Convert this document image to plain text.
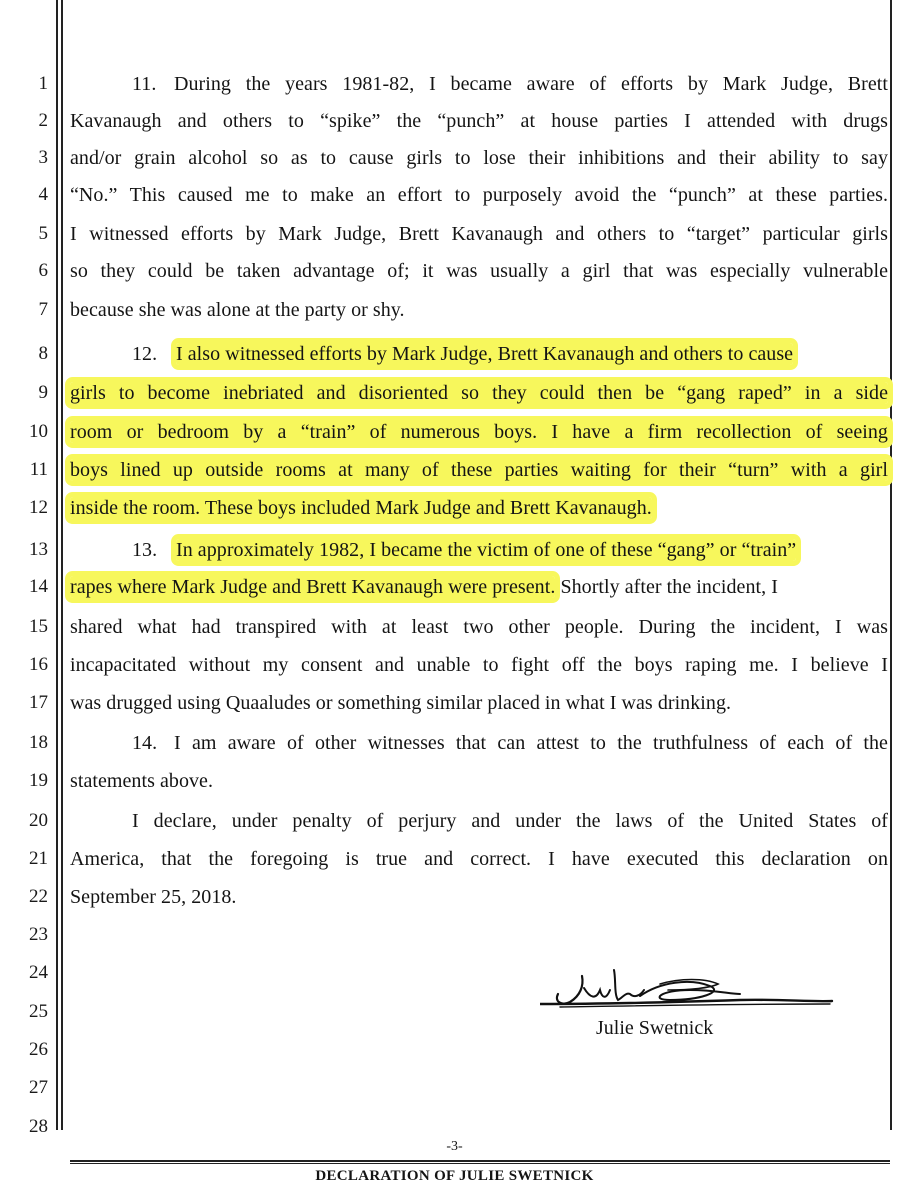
1
2
3
4
5
6
7
8
9
10
11
12
13
14
15
16
17
18
19
20
21
22
23
24
25
26
27
28
11. During the years 1981-82, I became aware of efforts by Mark Judge, Brett
Kavanaugh and others to “spike” the “punch” at house parties I attended with drugs
and/or grain alcohol so as to cause girls to lose their inhibitions and their ability to say
“No.” This caused me to make an effort to purposely avoid the “punch” at these parties.
I witnessed efforts by Mark Judge, Brett Kavanaugh and others to “target” particular girls
so they could be taken advantage of; it was usually a girl that was especially vulnerable
because she was alone at the party or shy.
12. I also witnessed efforts by Mark Judge, Brett Kavanaugh and others to cause
girls to become inebriated and disoriented so they could then be “gang raped” in a side
room or bedroom by a “train” of numerous boys. I have a firm recollection of seeing
boys lined up outside rooms at many of these parties waiting for their “turn” with a girl
inside the room. These boys included Mark Judge and Brett Kavanaugh.
13. In approximately 1982, I became the victim of one of these “gang” or “train”
rapes where Mark Judge and Brett Kavanaugh were present. Shortly after the incident, I
shared what had transpired with at least two other people. During the incident, I was
incapacitated without my consent and unable to fight off the boys raping me. I believe I
was drugged using Quaaludes or something similar placed in what I was drinking.
14. I am aware of other witnesses that can attest to the truthfulness of each of the
statements above.
I declare, under penalty of perjury and under the laws of the United States of
America, that the foregoing is true and correct. I have executed this declaration on
September 25, 2018.
Julie Swetnick
-3-
DECLARATION OF JULIE SWETNICK
